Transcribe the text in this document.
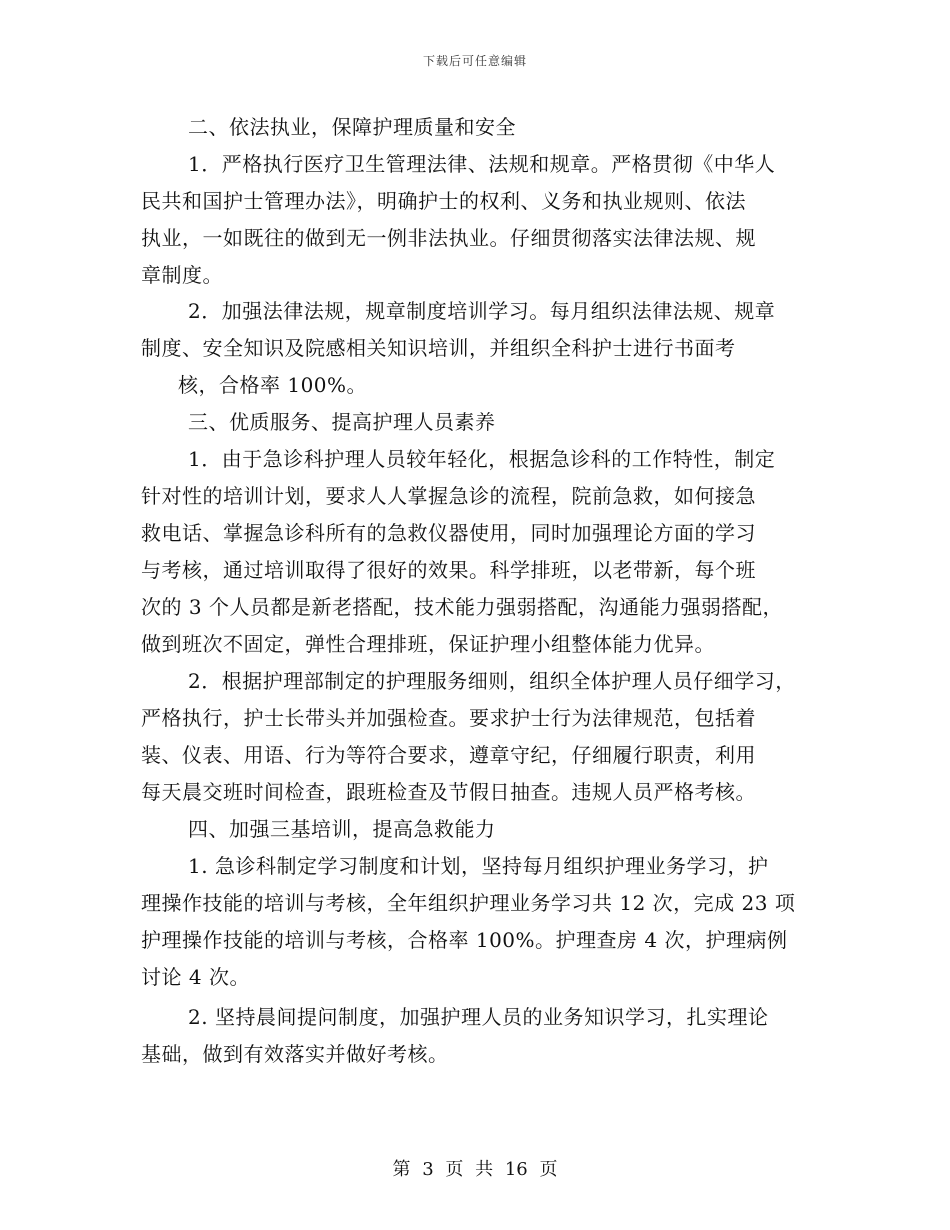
下载后可任意编辑
二、依法执业，保障护理质量和安全
1．严格执行医疗卫生管理法律、法规和规章。严格贯彻《中华人
民共和国护士管理办法》，明确护士的权利、义务和执业规则、依法
执业，一如既往的做到无一例非法执业。仔细贯彻落实法律法规、规
章制度。
2．加强法律法规，规章制度培训学习。每月组织法律法规、规章
制度、安全知识及院感相关知识培训，并组织全科护士进行书面考
核，合格率 100%。
三、优质服务、提高护理人员素养
1．由于急诊科护理人员较年轻化，根据急诊科的工作特性，制定
针对性的培训计划，要求人人掌握急诊的流程，院前急救，如何接急
救电话、掌握急诊科所有的急救仪器使用，同时加强理论方面的学习
与考核，通过培训取得了很好的效果。科学排班，以老带新，每个班
次的 3 个人员都是新老搭配，技术能力强弱搭配，沟通能力强弱搭配，
做到班次不固定，弹性合理排班，保证护理小组整体能力优异。
2．根据护理部制定的护理服务细则，组织全体护理人员仔细学习，
严格执行，护士长带头并加强检查。要求护士行为法律规范，包括着
装、仪表、用语、行为等符合要求，遵章守纪，仔细履行职责，利用
每天晨交班时间检查，跟班检查及节假日抽查。违规人员严格考核。
四、加强三基培训，提高急救能力
1. 急诊科制定学习制度和计划，坚持每月组织护理业务学习，护
理操作技能的培训与考核，全年组织护理业务学习共 12 次，完成 23 项
护理操作技能的培训与考核，合格率 100%。护理查房 4 次，护理病例
讨论 4 次。
2. 坚持晨间提问制度，加强护理人员的业务知识学习，扎实理论
基础，做到有效落实并做好考核。
第 3 页 共 16 页
